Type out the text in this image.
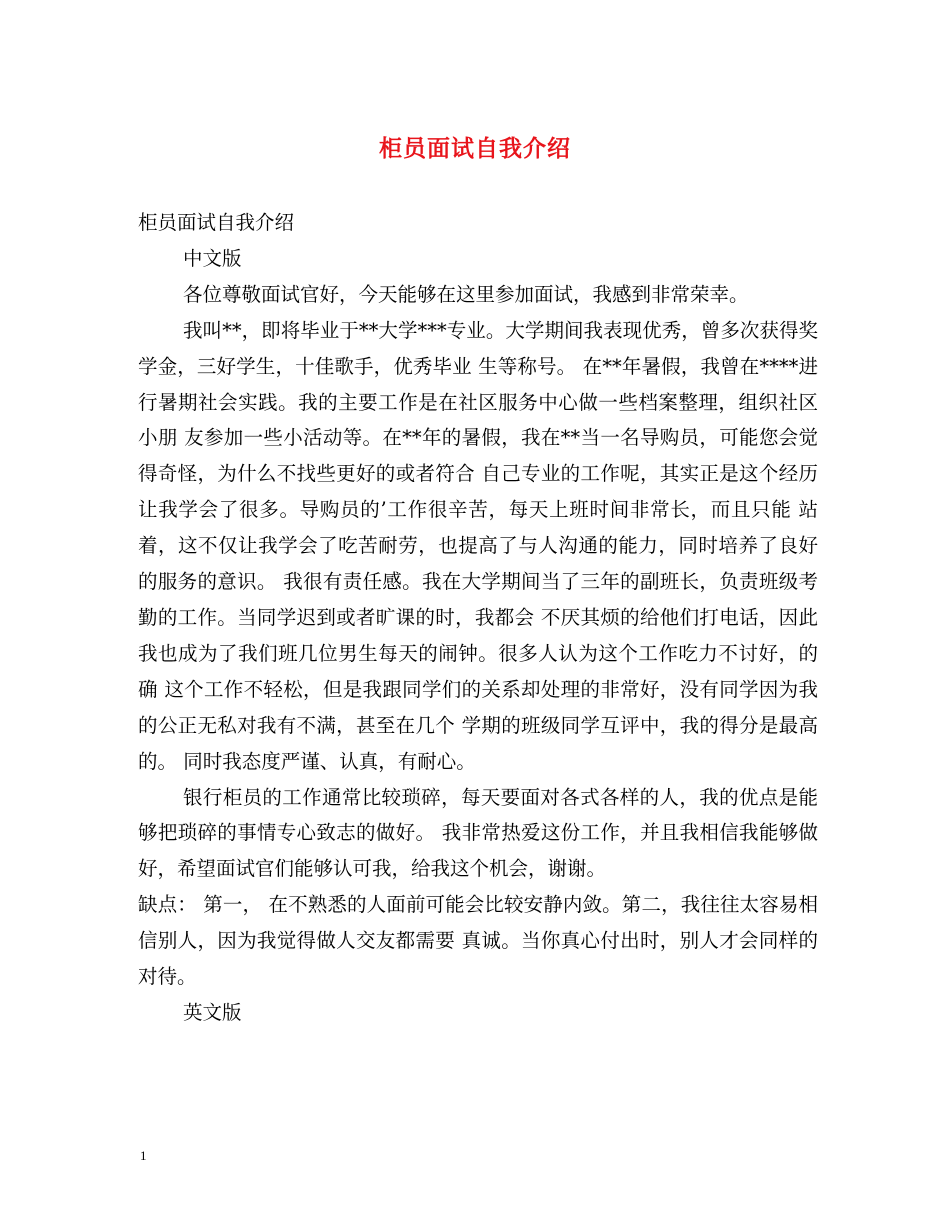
柜员面试自我介绍

柜员面试自我介绍

中文版

各位尊敬面试官好，今天能够在这里参加面试，我感到非常荣幸。

我叫**，即将毕业于**大学***专业。大学期间我表现优秀，曾多次获得奖学金，三好学生，十佳歌手，优秀毕业 生等称号。 在**年暑假，我曾在****进行暑期社会实践。我的主要工作是在社区服务中心做一些档案整理，组织社区小朋 友参加一些小活动等。在**年的暑假，我在**当一名导购员，可能您会觉得奇怪，为什么不找些更好的或者符合 自己专业的工作呢，其实正是这个经历让我学会了很多。导购员的’工作很辛苦，每天上班时间非常长，而且只能 站着，这不仅让我学会了吃苦耐劳，也提高了与人沟通的能力，同时培养了良好的服务的意识。 我很有责任感。我在大学期间当了三年的副班长，负责班级考勤的工作。当同学迟到或者旷课的时，我都会 不厌其烦的给他们打电话，因此我也成为了我们班几位男生每天的闹钟。很多人认为这个工作吃力不讨好，的确 这个工作不轻松，但是我跟同学们的关系却处理的非常好，没有同学因为我的公正无私对我有不满，甚至在几个 学期的班级同学互评中，我的得分是最高的。 同时我态度严谨、认真，有耐心。

银行柜员的工作通常比较琐碎，每天要面对各式各样的人，我的优点是能 够把琐碎的事情专心致志的做好。 我非常热爱这份工作，并且我相信我能够做好，希望面试官们能够认可我，给我这个机会，谢谢。

缺点： 第一， 在不熟悉的人面前可能会比较安静内敛。第二，我往往太容易相信别人，因为我觉得做人交友都需要 真诚。当你真心付出时，别人才会同样的对待。

英文版

1
